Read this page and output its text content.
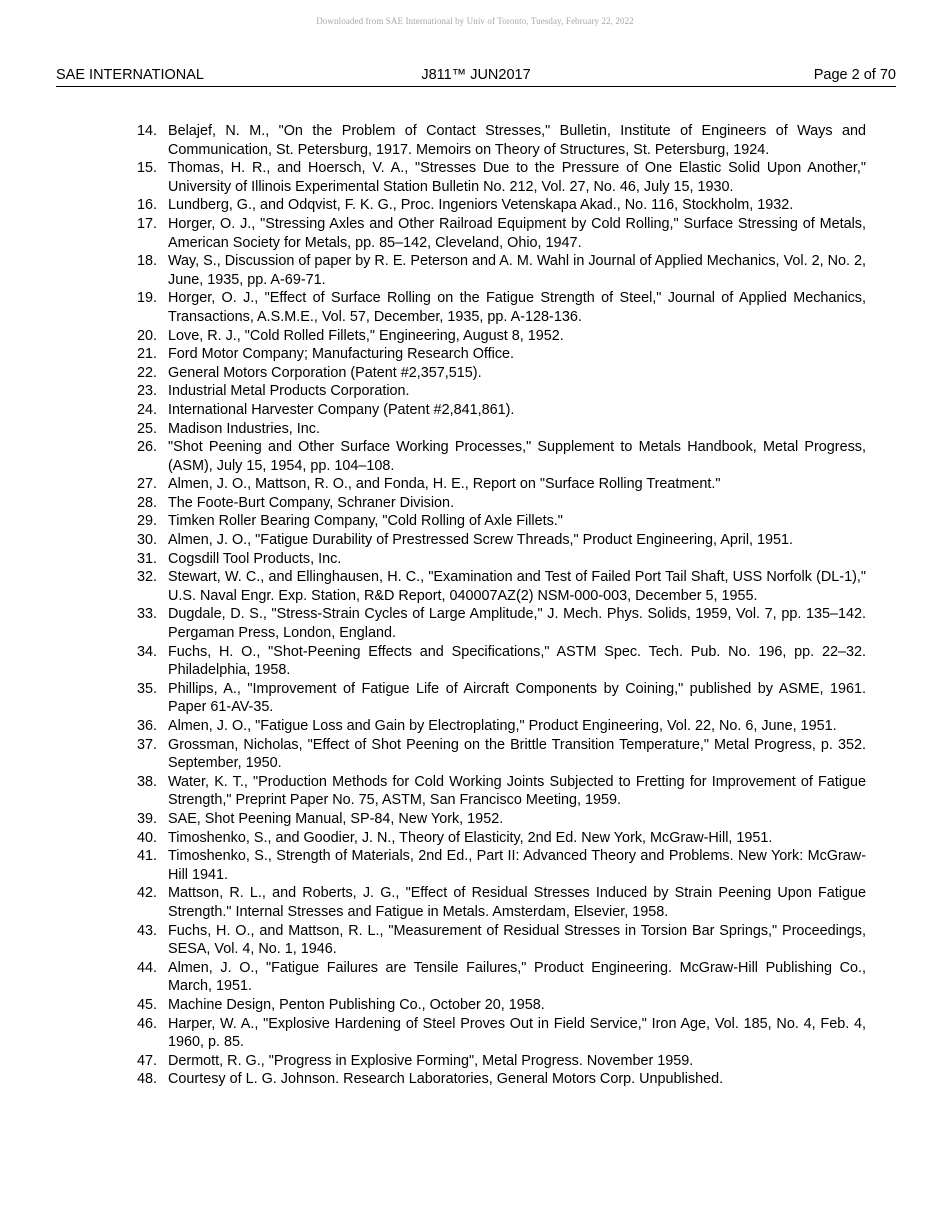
Downloaded from SAE International by Univ of Toronto, Tuesday, February 22, 2022
SAE INTERNATIONAL	J811™ JUN2017	Page 2 of 70
14. Belajef, N. M., "On the Problem of Contact Stresses," Bulletin, Institute of Engineers of Ways and Communication, St. Petersburg, 1917. Memoirs on Theory of Structures, St. Petersburg, 1924.
15. Thomas, H. R., and Hoersch, V. A., "Stresses Due to the Pressure of One Elastic Solid Upon Another," University of Illinois Experimental Station Bulletin No. 212, Vol. 27, No. 46, July 15, 1930.
16. Lundberg, G., and Odqvist, F. K. G., Proc. Ingeniors Vetenskapa Akad., No. 116, Stockholm, 1932.
17. Horger, O. J., "Stressing Axles and Other Railroad Equipment by Cold Rolling," Surface Stressing of Metals, American Society for Metals, pp. 85–142, Cleveland, Ohio, 1947.
18. Way, S., Discussion of paper by R. E. Peterson and A. M. Wahl in Journal of Applied Mechanics, Vol. 2, No. 2, June, 1935, pp. A-69-71.
19. Horger, O. J., "Effect of Surface Rolling on the Fatigue Strength of Steel," Journal of Applied Mechanics, Transactions, A.S.M.E., Vol. 57, December, 1935, pp. A-128-136.
20. Love, R. J., "Cold Rolled Fillets," Engineering, August 8, 1952.
21. Ford Motor Company; Manufacturing Research Office.
22. General Motors Corporation (Patent #2,357,515).
23. Industrial Metal Products Corporation.
24. International Harvester Company (Patent #2,841,861).
25. Madison Industries, Inc.
26. "Shot Peening and Other Surface Working Processes," Supplement to Metals Handbook, Metal Progress, (ASM), July 15, 1954, pp. 104–108.
27. Almen, J. O., Mattson, R. O., and Fonda, H. E., Report on "Surface Rolling Treatment."
28. The Foote-Burt Company, Schraner Division.
29. Timken Roller Bearing Company, "Cold Rolling of Axle Fillets."
30. Almen, J. O., "Fatigue Durability of Prestressed Screw Threads," Product Engineering, April, 1951.
31. Cogsdill Tool Products, Inc.
32. Stewart, W. C., and Ellinghausen, H. C., "Examination and Test of Failed Port Tail Shaft, USS Norfolk (DL-1)," U.S. Naval Engr. Exp. Station, R&D Report, 040007AZ(2) NSM-000-003, December 5, 1955.
33. Dugdale, D. S., "Stress-Strain Cycles of Large Amplitude," J. Mech. Phys. Solids, 1959, Vol. 7, pp. 135–142. Pergaman Press, London, England.
34. Fuchs, H. O., "Shot-Peening Effects and Specifications," ASTM Spec. Tech. Pub. No. 196, pp. 22–32. Philadelphia, 1958.
35. Phillips, A., "Improvement of Fatigue Life of Aircraft Components by Coining," published by ASME, 1961. Paper 61-AV-35.
36. Almen, J. O., "Fatigue Loss and Gain by Electroplating," Product Engineering, Vol. 22, No. 6, June, 1951.
37. Grossman, Nicholas, "Effect of Shot Peening on the Brittle Transition Temperature," Metal Progress, p. 352. September, 1950.
38. Water, K. T., "Production Methods for Cold Working Joints Subjected to Fretting for Improvement of Fatigue Strength," Preprint Paper No. 75, ASTM, San Francisco Meeting, 1959.
39. SAE, Shot Peening Manual, SP-84, New York, 1952.
40. Timoshenko, S., and Goodier, J. N., Theory of Elasticity, 2nd Ed. New York, McGraw-Hill, 1951.
41. Timoshenko, S., Strength of Materials, 2nd Ed., Part II: Advanced Theory and Problems. New York: McGraw-Hill 1941.
42. Mattson, R. L., and Roberts, J. G., "Effect of Residual Stresses Induced by Strain Peening Upon Fatigue Strength." Internal Stresses and Fatigue in Metals. Amsterdam, Elsevier, 1958.
43. Fuchs, H. O., and Mattson, R. L., "Measurement of Residual Stresses in Torsion Bar Springs," Proceedings, SESA, Vol. 4, No. 1, 1946.
44. Almen, J. O., "Fatigue Failures are Tensile Failures," Product Engineering. McGraw-Hill Publishing Co., March, 1951.
45. Machine Design, Penton Publishing Co., October 20, 1958.
46. Harper, W. A., "Explosive Hardening of Steel Proves Out in Field Service," Iron Age, Vol. 185, No. 4, Feb. 4, 1960, p. 85.
47. Dermott, R. G., "Progress in Explosive Forming", Metal Progress. November 1959.
48. Courtesy of L. G. Johnson. Research Laboratories, General Motors Corp. Unpublished.
